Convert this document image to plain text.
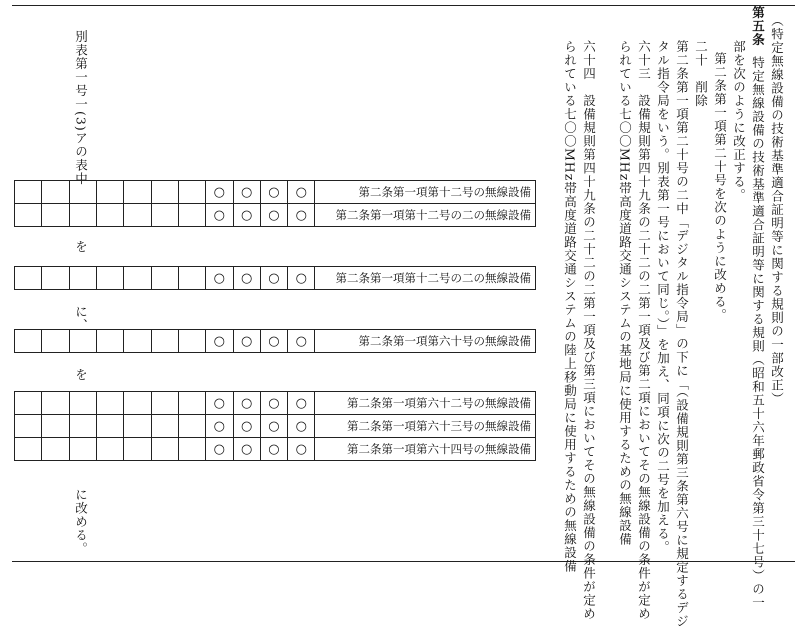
（特定無線設備の技術基準適合証明等に関する規則の一部改正）
第五条
特定無線設備の技術基準適合証明等に関する規則（昭和五十六年郵政省令第三十七号）の一
部を次のように改正する。
第二条第一項第二十号を次のように改める。
二十　削除
第二条第一項第二十号の二中「デジタル指令局」の下に「（設備規則第三条第六号に規定するデジ
タル指令局をいう。別表第一号において同じ。）」を加え、同項に次の二号を加える。
六十三　設備規則第四十九条の二十二の二第一項及び第二項においてその無線設備の条件が定め
られている七〇〇MHz帯高度道路交通システムの基地局に使用するための無線設備
六十四　設備規則第四十九条の二十二の二第一項及び第三項においてその無線設備の条件が定め
られている七〇〇MHz帯高度道路交通システムの陸上移動局に使用するための無線設備
別表第一号一(3)アの表中
を
に、
を
に改める。
							○	○	○	○	第二条第一項第十二号の無線設備
							○	○	○	○	第二条第一項第十二号の二の無線設備
							○	○	○	○	第二条第一項第十二号の二の無線設備
							○	○	○	○	第二条第一項第六十号の無線設備
							○	○	○	○	第二条第一項第六十二号の無線設備
							○	○	○	○	第二条第一項第六十三号の無線設備
							○	○	○	○	第二条第一項第六十四号の無線設備
